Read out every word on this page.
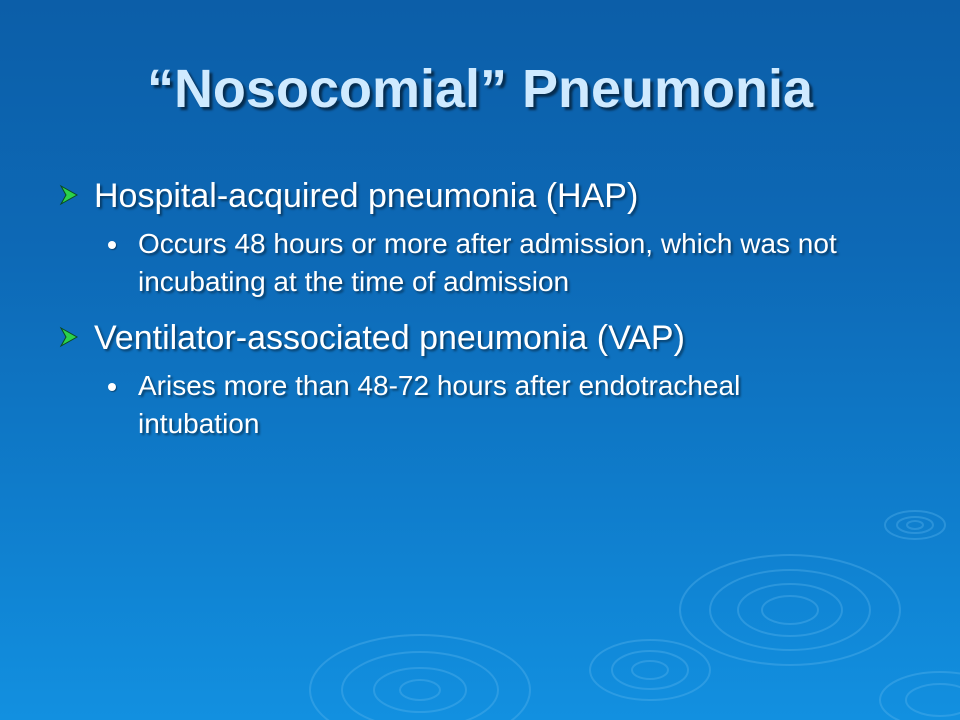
“Nosocomial” Pneumonia
Hospital-acquired pneumonia (HAP)
Occurs 48 hours or more after admission, which was not incubating at the time of admission
Ventilator-associated pneumonia (VAP)
Arises more than 48-72 hours after endotracheal intubation
